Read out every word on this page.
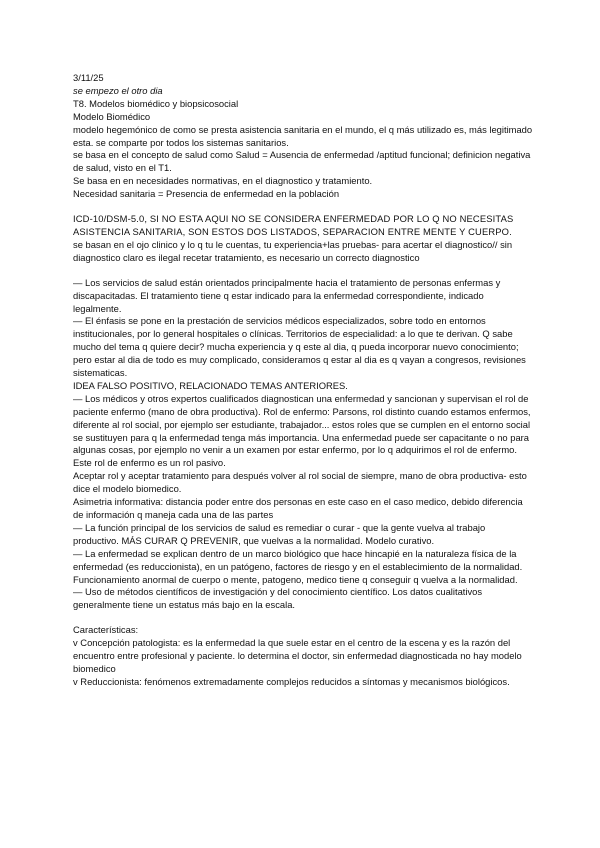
3/11/25

se empezo el otro dia

T8. Modelos biomédico y biopsicosocial

Modelo Biomédico

modelo hegemónico de como se presta asistencia sanitaria en el mundo, el q más utilizado es, más legitimado esta. se comparte por todos los sistemas sanitarios.

se basa en el concepto de salud como Salud = Ausencia de enfermedad /aptitud funcional; definicion negativa de salud, visto en el T1.

Se basa en en necesidades normativas, en el diagnostico y tratamiento.

Necesidad sanitaria = Presencia de enfermedad en la población

ICD-10/DSM-5.0, SI NO ESTA AQUI NO SE CONSIDERA ENFERMEDAD POR LO Q NO NECESITAS ASISTENCIA SANITARIA, SON ESTOS DOS LISTADOS, SEPARACION ENTRE MENTE Y CUERPO.

se basan en el ojo clinico y lo q tu le cuentas, tu experiencia+las pruebas- para acertar el diagnostico// sin diagnostico claro es ilegal recetar tratamiento, es necesario un correcto diagnostico

— Los servicios de salud están orientados principalmente hacia el tratamiento de personas enfermas y discapacitadas. El tratamiento tiene q estar indicado para la enfermedad correspondiente, indicado legalmente.

— El énfasis se pone en la prestación de servicios médicos especializados, sobre todo en entornos institucionales, por lo general hospitales o clínicas. Territorios de especialidad: a lo que te derivan. Q sabe mucho del tema q quiere decir? mucha experiencia y q este al dia, q pueda incorporar nuevo conocimiento; pero estar al dia de todo es muy complicado, consideramos q estar al dia es q vayan a congresos, revisiones sistematicas.

IDEA FALSO POSITIVO, RELACIONADO TEMAS ANTERIORES.

— Los médicos y otros expertos cualificados diagnostican una enfermedad y sancionan y supervisan el rol de paciente enfermo (mano de obra productiva). Rol de enfermo: Parsons, rol distinto cuando estamos enfermos, diferente al rol social, por ejemplo ser estudiante, trabajador... estos roles que se cumplen en el entorno social se sustituyen para q la enfermedad tenga más importancia. Una enfermedad puede ser capacitante o no para algunas cosas, por ejemplo no venir a un examen por estar enfermo, por lo q adquirimos el rol de enfermo. Este rol de enfermo es un rol pasivo.

Aceptar rol y aceptar tratamiento para después volver al rol social de siempre, mano de obra productiva- esto dice el modelo biomedico.

Asimetria informativa: distancia poder entre dos personas en este caso en el caso medico, debido diferencia de información q maneja cada una de las partes

— La función principal de los servicios de salud es remediar o curar - que la gente vuelva al trabajo productivo. MÁS CURAR Q PREVENIR, que vuelvas a la normalidad. Modelo curativo.

— La enfermedad se explican dentro de un marco biológico que hace hincapié en la naturaleza física de la enfermedad (es reduccionista), en un patógeno, factores de riesgo y en el establecimiento de la normalidad. Funcionamiento anormal de cuerpo o mente, patogeno, medico tiene q conseguir q vuelva a la normalidad.

— Uso de métodos científicos de investigación y del conocimiento científico. Los datos cualitativos generalmente tiene un estatus más bajo en la escala.

Características:

v Concepción patologista: es la enfermedad la que suele estar en el centro de la escena y es la razón del encuentro entre profesional y paciente. lo determina el doctor, sin enfermedad diagnosticada no hay modelo biomedico

v Reduccionista: fenómenos extremadamente complejos reducidos a síntomas y mecanismos biológicos.
